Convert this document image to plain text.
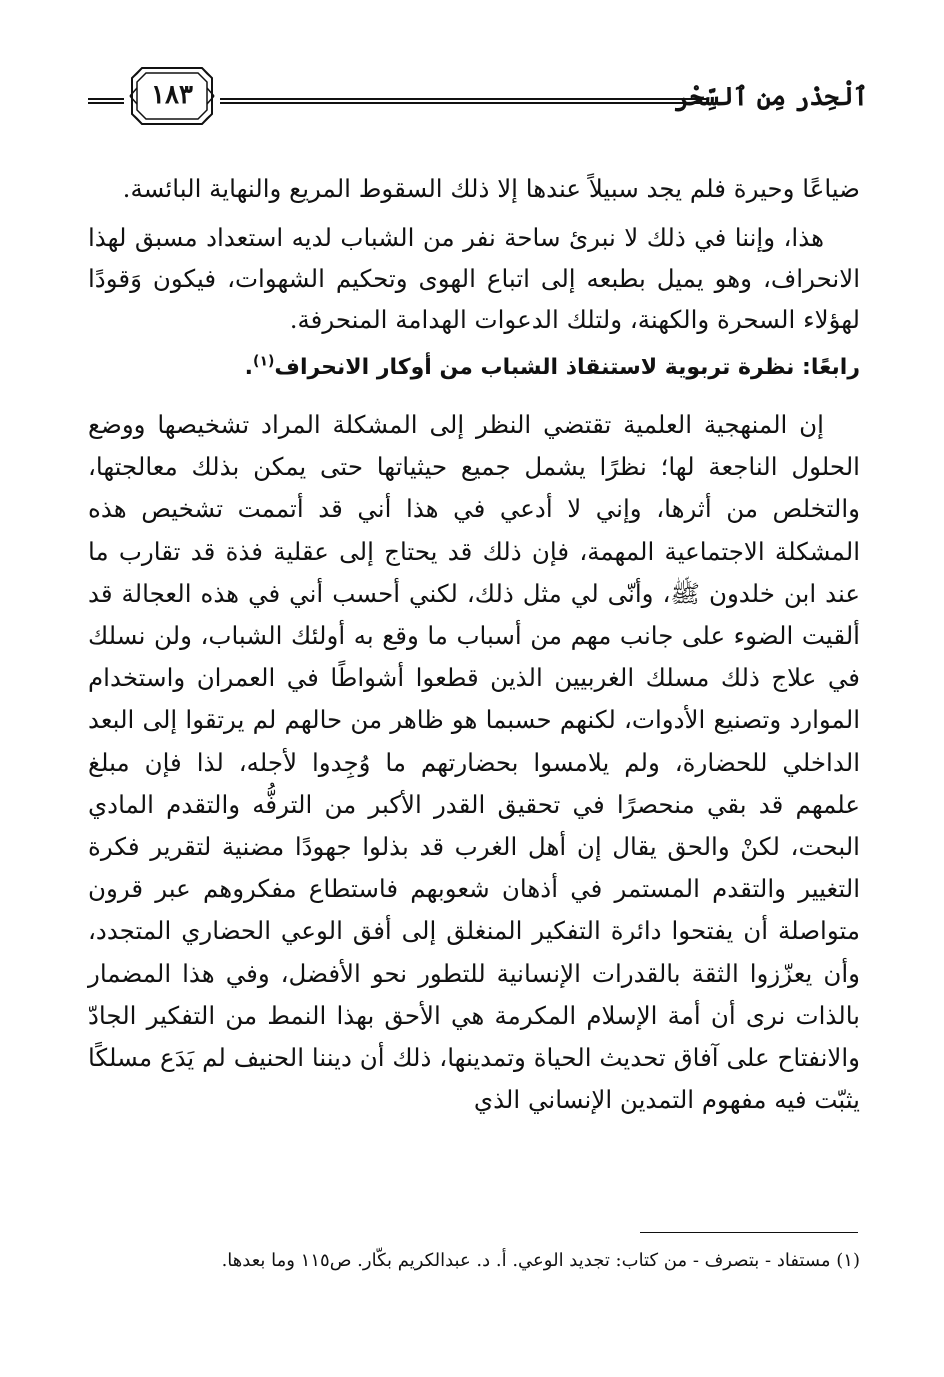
ٱلْحِذْر مِن ٱلسِّحْر
١٨٣

ضياعًا وحيرة فلم يجد سبيلاً عندها إلا ذلك السقوط المريع والنهاية البائسة.

هذا، وإننا في ذلك لا نبرئ ساحة نفر من الشباب لديه استعداد مسبق لهذا الانحراف، وهو يميل بطبعه إلى اتباع الهوى وتحكيم الشهوات، فيكون وَقودًا لهؤلاء السحرة والكهنة، ولتلك الدعوات الهدامة المنحرفة.

رابعًا: نظرة تربوية لاستنقاذ الشباب من أوكار الانحراف$^{(١)}$.

إن المنهجية العلمية تقتضي النظر إلى المشكلة المراد تشخيصها ووضع الحلول الناجعة لها؛ نظرًا يشمل جميع حيثياتها حتى يمكن بذلك معالجتها، والتخلص من أثرها، وإني لا أدعي في هذا أني قد أتممت تشخيص هذه المشكلة الاجتماعية المهمة، فإن ذلك قد يحتاج إلى عقلية فذة قد تقارب ما عند ابن خلدون ﷺ، وأنّى لي مثل ذلك، لكني أحسب أني في هذه العجالة قد ألقيت الضوء على جانب مهم من أسباب ما وقع به أولئك الشباب، ولن نسلك في علاج ذلك مسلك الغربيين الذين قطعوا أشواطًا في العمران واستخدام الموارد وتصنيع الأدوات، لكنهم حسبما هو ظاهر من حالهم لم يرتقوا إلى البعد الداخلي للحضارة، ولم يلامسوا بحضارتهم ما وُجِدوا لأجله، لذا فإن مبلغ علمهم قد بقي منحصرًا في تحقيق القدر الأكبر من الترفُّه والتقدم المادي البحت، لكنْ والحق يقال إن أهل الغرب قد بذلوا جهودًا مضنية لتقرير فكرة التغيير والتقدم المستمر في أذهان شعوبهم فاستطاع مفكروهم عبر قرون متواصلة أن يفتحوا دائرة التفكير المنغلق إلى أفق الوعي الحضاري المتجدد، وأن يعزّزوا الثقة بالقدرات الإنسانية للتطور نحو الأفضل، وفي هذا المضمار بالذات نرى أن أمة الإسلام المكرمة هي الأحق بهذا النمط من التفكير الجادّ والانفتاح على آفاق تحديث الحياة وتمدينها، ذلك أن ديننا الحنيف لم يَدَع مسلكًا يثبّت فيه مفهوم التمدين الإنساني الذي

(١) مستفاد - بتصرف - من كتاب: تجديد الوعي. أ. د. عبدالكريم بكّار. ص١١٥ وما بعدها.
